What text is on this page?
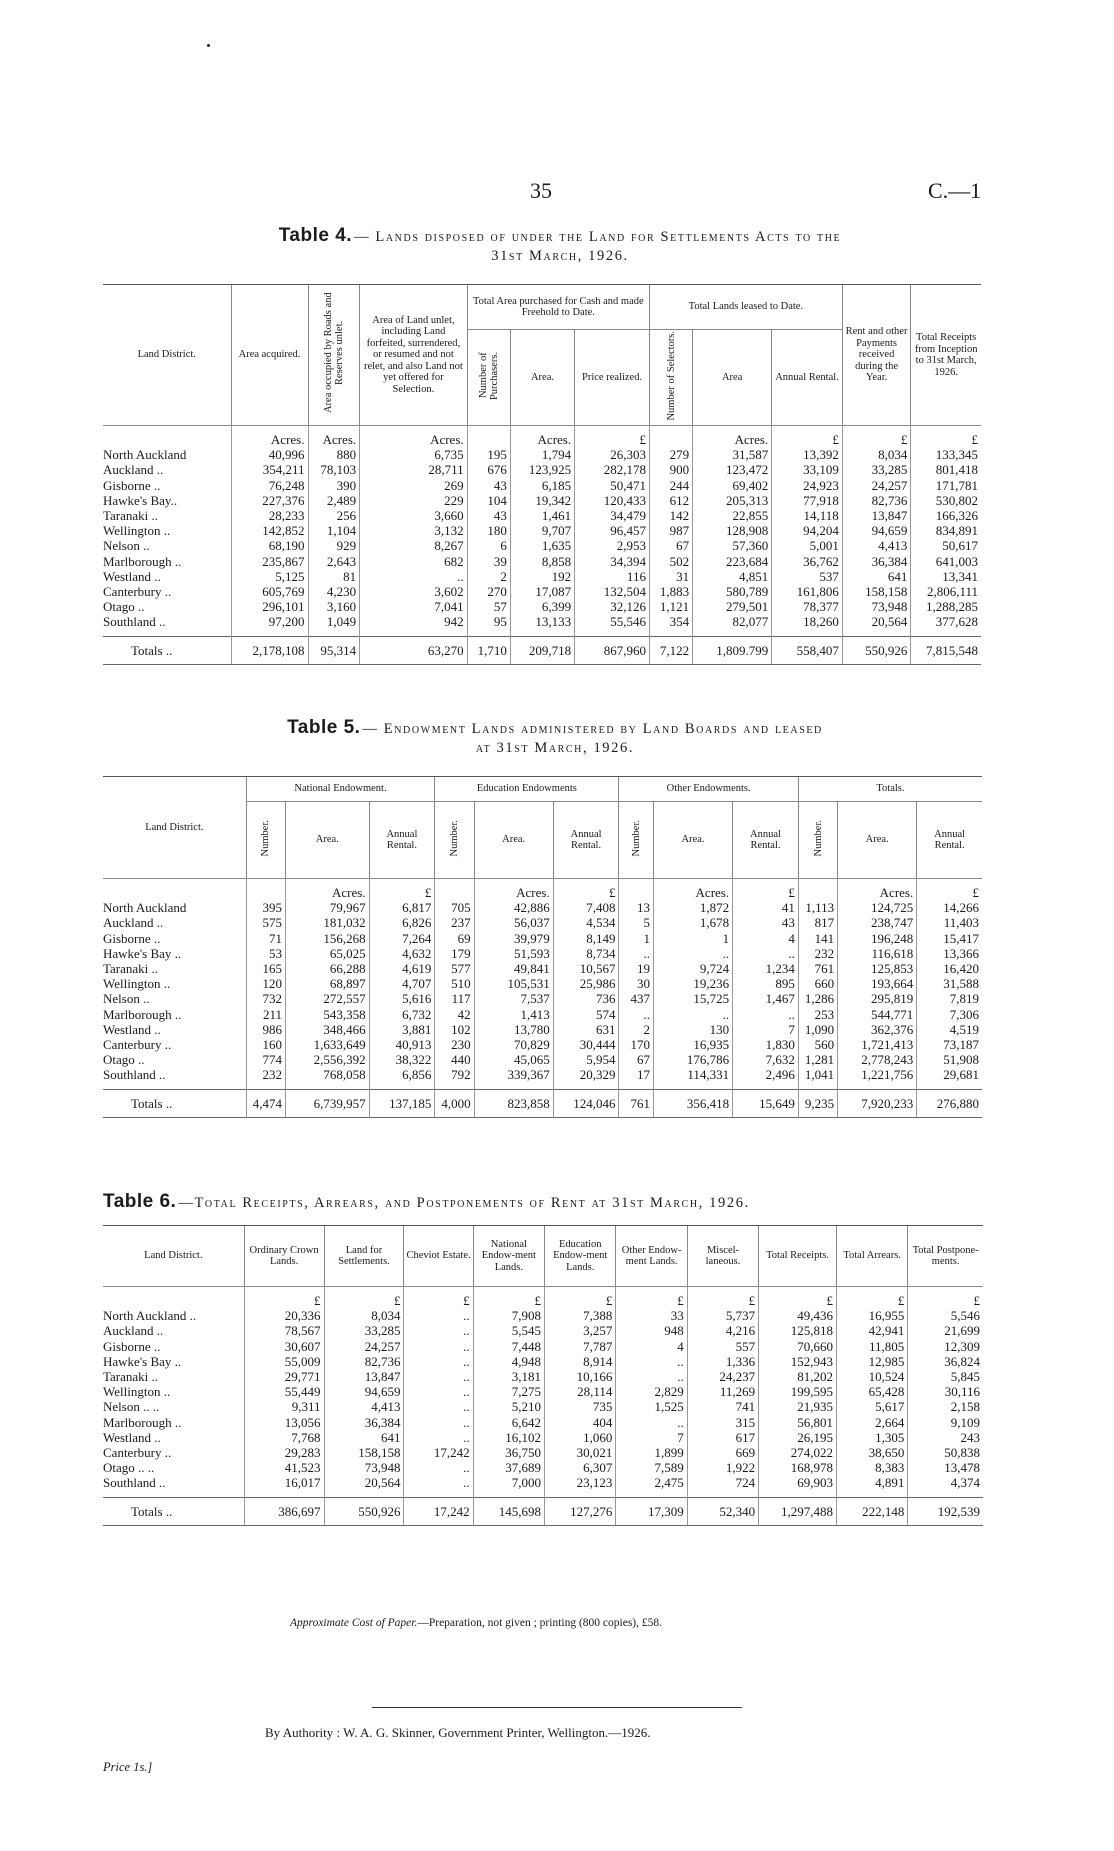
35	C.—1
Table 4. — Lands disposed of under the Land for Settlements Acts to the
31st March, 1926.
Land District.	Area acquired.	Area occupied by Roads and Reserves unlet.	Area of Land unlet, including Land forfeited, surrendered, or resumed and not relet, and also Land not yet offered for Selection.	Total Area purchased for Cash and made Freehold to Date.			Total Lands leased to Date.			Rent and other Payments received during the Year.	Total Receipts from Inception to 31st March, 1926.
				Number of Purchasers.	Area.	Price realized.	Number of Selectors.	Area	Annual Rental.		
	Acres.	Acres.	Acres.		Acres.	£		Acres.	£	£	£
North Auckland	40,996	880	6,735	195	1,794	26,303	279	31,587	13,392	8,034	133,345
Auckland ..	354,211	78,103	28,711	676	123,925	282,178	900	123,472	33,109	33,285	801,418
Gisborne ..	76,248	390	269	43	6,185	50,471	244	69,402	24,923	24,257	171,781
Hawke's Bay..	227,376	2,489	229	104	19,342	120,433	612	205,313	77,918	82,736	530,802
Taranaki ..	28,233	256	3,660	43	1,461	34,479	142	22,855	14,118	13,847	166,326
Wellington ..	142,852	1,104	3,132	180	9,707	96,457	987	128,908	94,204	94,659	834,891
Nelson ..	68,190	929	8,267	6	1,635	2,953	67	57,360	5,001	4,413	50,617
Marlborough ..	235,867	2,643	682	39	8,858	34,394	502	223,684	36,762	36,384	641,003
Westland ..	5,125	81	..	2	192	116	31	4,851	537	641	13,341
Canterbury ..	605,769	4,230	3,602	270	17,087	132,504	1,883	580,789	161,806	158,158	2,806,111
Otago ..	296,101	3,160	7,041	57	6,399	32,126	1,121	279,501	78,377	73,948	1,288,285
Southland ..	97,200	1,049	942	95	13,133	55,546	354	82,077	18,260	20,564	377,628
Totals ..	2,178,108	95,314	63,270	1,710	209,718	867,960	7,122	1,809.799	558,407	550,926	7,815,548
Table 5. — Endowment Lands administered by Land Boards and leased
at 31st March, 1926.
Land District.	National Endowment.			Education Endowments			Other Endowments.			Totals.		
	Number.	Area.	Annual Rental.	Number.	Area.	Annual Rental.	Number.	Area.	Annual Rental.	Number.	Area.	Annual Rental.
		Acres.	£		Acres.	£		Acres.	£		Acres.	£
North Auckland	395	79,967	6,817	705	42,886	7,408	13	1,872	41	1,113	124,725	14,266
Auckland ..	575	181,032	6,826	237	56,037	4,534	5	1,678	43	817	238,747	11,403
Gisborne ..	71	156,268	7,264	69	39,979	8,149	1	1	4	141	196,248	15,417
Hawke's Bay ..	53	65,025	4,632	179	51,593	8,734	..	..	..	232	116,618	13,366
Taranaki ..	165	66,288	4,619	577	49,841	10,567	19	9,724	1,234	761	125,853	16,420
Wellington ..	120	68,897	4,707	510	105,531	25,986	30	19,236	895	660	193,664	31,588
Nelson ..	732	272,557	5,616	117	7,537	736	437	15,725	1,467	1,286	295,819	7,819
Marlborough ..	211	543,358	6,732	42	1,413	574	..	..	..	253	544,771	7,306
Westland ..	986	348,466	3,881	102	13,780	631	2	130	7	1,090	362,376	4,519
Canterbury ..	160	1,633,649	40,913	230	70,829	30,444	170	16,935	1,830	560	1,721,413	73,187
Otago ..	774	2,556,392	38,322	440	45,065	5,954	67	176,786	7,632	1,281	2,778,243	51,908
Southland ..	232	768,058	6,856	792	339,367	20,329	17	114,331	2,496	1,041	1,221,756	29,681
Totals ..	4,474	6,739,957	137,185	4,000	823,858	124,046	761	356,418	15,649	9,235	7,920,233	276,880
Table 6. —Total Receipts, Arrears, and Postponements of Rent at 31st March, 1926.
Land District.	Ordinary Crown Lands.	Land for Settlements.	Cheviot Estate.	National Endow-ment Lands.	Education Endow-ment Lands.	Other Endow-ment Lands.	Miscel-laneous.	Total Receipts.	Total Arrears.	Total Postpone-ments.
	£	£	£	£	£	£	£	£	£	£
North Auckland ..	20,336	8,034	..	7,908	7,388	33	5,737	49,436	16,955	5,546
Auckland ..	78,567	33,285	..	5,545	3,257	948	4,216	125,818	42,941	21,699
Gisborne ..	30,607	24,257	..	7,448	7,787	4	557	70,660	11,805	12,309
Hawke's Bay ..	55,009	82,736	..	4,948	8,914	..	1,336	152,943	12,985	36,824
Taranaki ..	29,771	13,847	..	3,181	10,166	..	24,237	81,202	10,524	5,845
Wellington ..	55,449	94,659	..	7,275	28,114	2,829	11,269	199,595	65,428	30,116
Nelson .. ..	9,311	4,413	..	5,210	735	1,525	741	21,935	5,617	2,158
Marlborough ..	13,056	36,384	..	6,642	404	..	315	56,801	2,664	9,109
Westland ..	7,768	641	..	16,102	1,060	7	617	26,195	1,305	243
Canterbury ..	29,283	158,158	17,242	36,750	30,021	1,899	669	274,022	38,650	50,838
Otago .. ..	41,523	73,948	..	37,689	6,307	7,589	1,922	168,978	8,383	13,478
Southland ..	16,017	20,564	..	7,000	23,123	2,475	724	69,903	4,891	4,374
Totals ..	386,697	550,926	17,242	145,698	127,276	17,309	52,340	1,297,488	222,148	192,539
Approximate Cost of Paper.—Preparation, not given ; printing (800 copies), £58.
By Authority : W. A. G. Skinner, Government Printer, Wellington.—1926.
Price 1s.]
